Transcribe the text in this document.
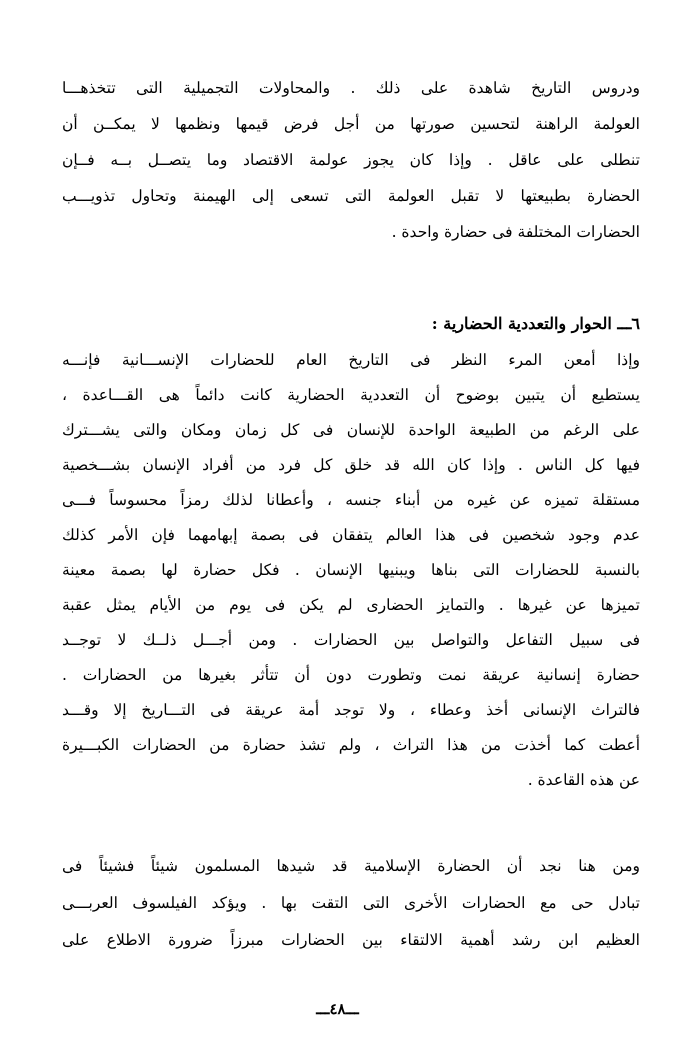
ودروس التاريخ شاهدة على ذلك . والمحاولات التجميلية التى تتخذهـــا
العولمة الراهنة لتحسين صورتها من أجل فرض قيمها ونظمها لا يمكــن أن
تنطلى على عاقل . وإذا كان يجوز عولمة الاقتصاد وما يتصــل بــه فــإن
الحضارة بطبيعتها لا تقبل العولمة التى تسعى إلى الهيمنة وتحاول تذويـــب
الحضارات المختلفة فى حضارة واحدة .
٦ـــ الحوار والتعددية الحضارية :
وإذا أمعن المرء النظر فى التاريخ العام للحضارات الإنســـانية فإنـــه
يستطيع أن يتبين بوضوح أن التعددية الحضارية كانت دائماً هى القـــاعدة ،
على الرغم من الطبيعة الواحدة للإنسان فى كل زمان ومكان والتى يشـــترك
فيها كل الناس . وإذا كان الله قد خلق كل فرد من أفراد الإنسان بشـــخصية
مستقلة تميزه عن غيره من أبناء جنسه ، وأعطانا لذلك رمزاً محسوساً فـــى
عدم وجود شخصين فى هذا العالم يتفقان فى بصمة إبهامهما فإن الأمر كذلك
بالنسبة للحضارات التى بناها ويبنيها الإنسان . فكل حضارة لها بصمة معينة
تميزها عن غيرها . والتمايز الحضارى لم يكن فى يوم من الأيام يمثل عقبة
فى سبيل التفاعل والتواصل بين الحضارات . ومن أجـــل ذلــك لا توجــد
حضارة إنسانية عريقة نمت وتطورت دون أن تتأثر بغيرها من الحضارات .
فالتراث الإنسانى أخذ وعطاء ، ولا توجد أمة عريقة فى التـــاريخ إلا وقـــد
أعطت كما أخذت من هذا التراث ، ولم تشذ حضارة من الحضارات الكبـــيرة
عن هذه القاعدة .
ومن هنا نجد أن الحضارة الإسلامية قد شيدها المسلمون شيئاً فشيئاً فى
تبادل حى مع الحضارات الأخرى التى التقت بها . ويؤكد الفيلسوف العربـــى
العظيم ابن رشد أهمية الالتقاء بين الحضارات مبرزاً ضرورة الاطلاع على
ـــ٤٨ـــ
